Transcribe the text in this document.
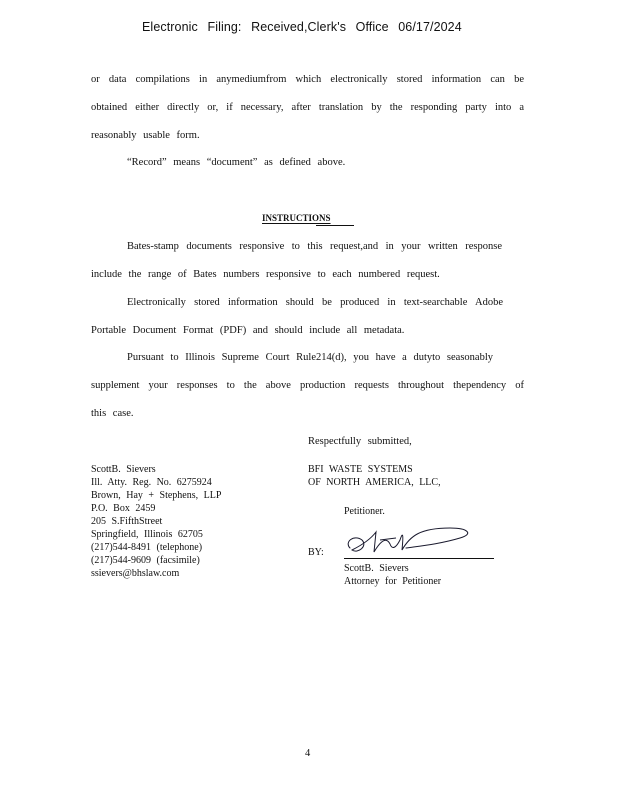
Electronic Filing: Received,Clerk's Office 06/17/2024
or data compilations in anymediumfrom which electronically stored information can be
obtained either directly or, if necessary, after translation by the responding party into a
reasonably usable form.
“Record” means “document” as defined above.
INSTRUCTIONS
Bates-stamp documents responsive to this request,and in your written response
include the range of Bates numbers responsive to each numbered request.
Electronically stored information should be produced in text-searchable Adobe
Portable Document Format (PDF) and should include all metadata.
Pursuant to Illinois Supreme Court Rule214(d), you have a dutyto seasonably
supplement your responses to the above production requests throughout thependency of
this case.
Respectfully submitted,
ScottB. Sievers
Ill. Atty. Reg. No. 6275924
Brown, Hay + Stephens, LLP
P.O. Box 2459
205 S.FifthStreet
Springfield, Illinois 62705
(217)544-8491 (telephone)
(217)544-9609 (facsimile)
ssievers@bhslaw.com
BFI WASTE SYSTEMS
OF NORTH AMERICA, LLC,
Petitioner.
BY:
ScottB. Sievers
Attorney for Petitioner
4
